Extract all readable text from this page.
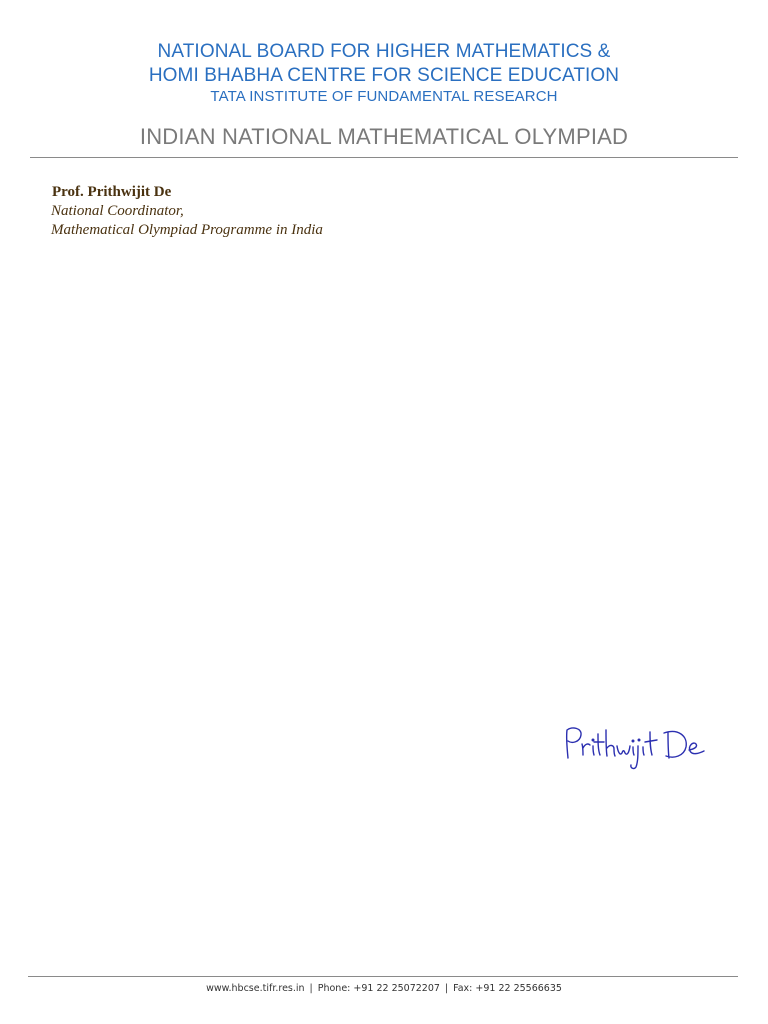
NATIONAL BOARD FOR HIGHER MATHEMATICS &
HOMI BHABHA CENTRE FOR SCIENCE EDUCATION
TATA INSTITUTE OF FUNDAMENTAL RESEARCH
INDIAN NATIONAL MATHEMATICAL OLYMPIAD
Prof. Prithwijit De
National Coordinator,
Mathematical Olympiad Programme in India
www.hbcse.tifr.res.in | Phone: +91 22 25072207 | Fax: +91 22 25566635
